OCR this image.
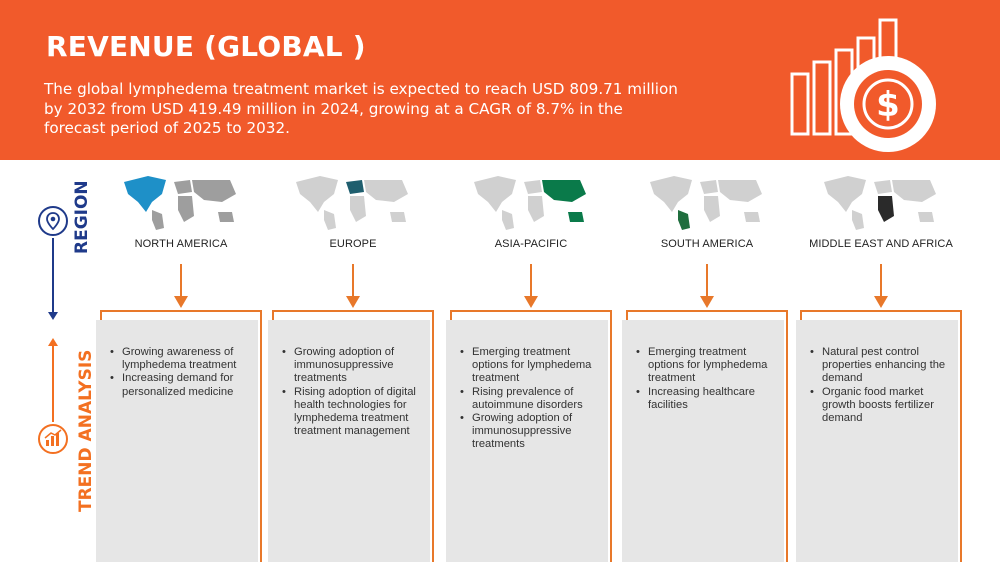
REVENUE (GLOBAL )
The global lymphedema treatment market is expected to reach USD 809.71 million by 2032 from USD 419.49 million in 2024, growing at a CAGR of 8.7% in the forecast period of 2025 to 2032.
$
REGION
TREND ANALYSIS
NORTH AMERICA
• Growing awareness of lymphedema treatment
• Increasing demand for personalized medicine
EUROPE
• Growing adoption of immunosuppressive treatments
• Rising adoption of digital health technologies for lymphedema treatment treatment management
ASIA-PACIFIC
• Emerging treatment options for lymphedema treatment
• Rising prevalence of autoimmune disorders
• Growing adoption of immunosuppressive treatments
SOUTH AMERICA
• Emerging treatment options for lymphedema treatment
• Increasing healthcare facilities
MIDDLE EAST AND AFRICA
• Natural pest control properties enhancing the demand
• Organic food market growth boosts fertilizer demand
